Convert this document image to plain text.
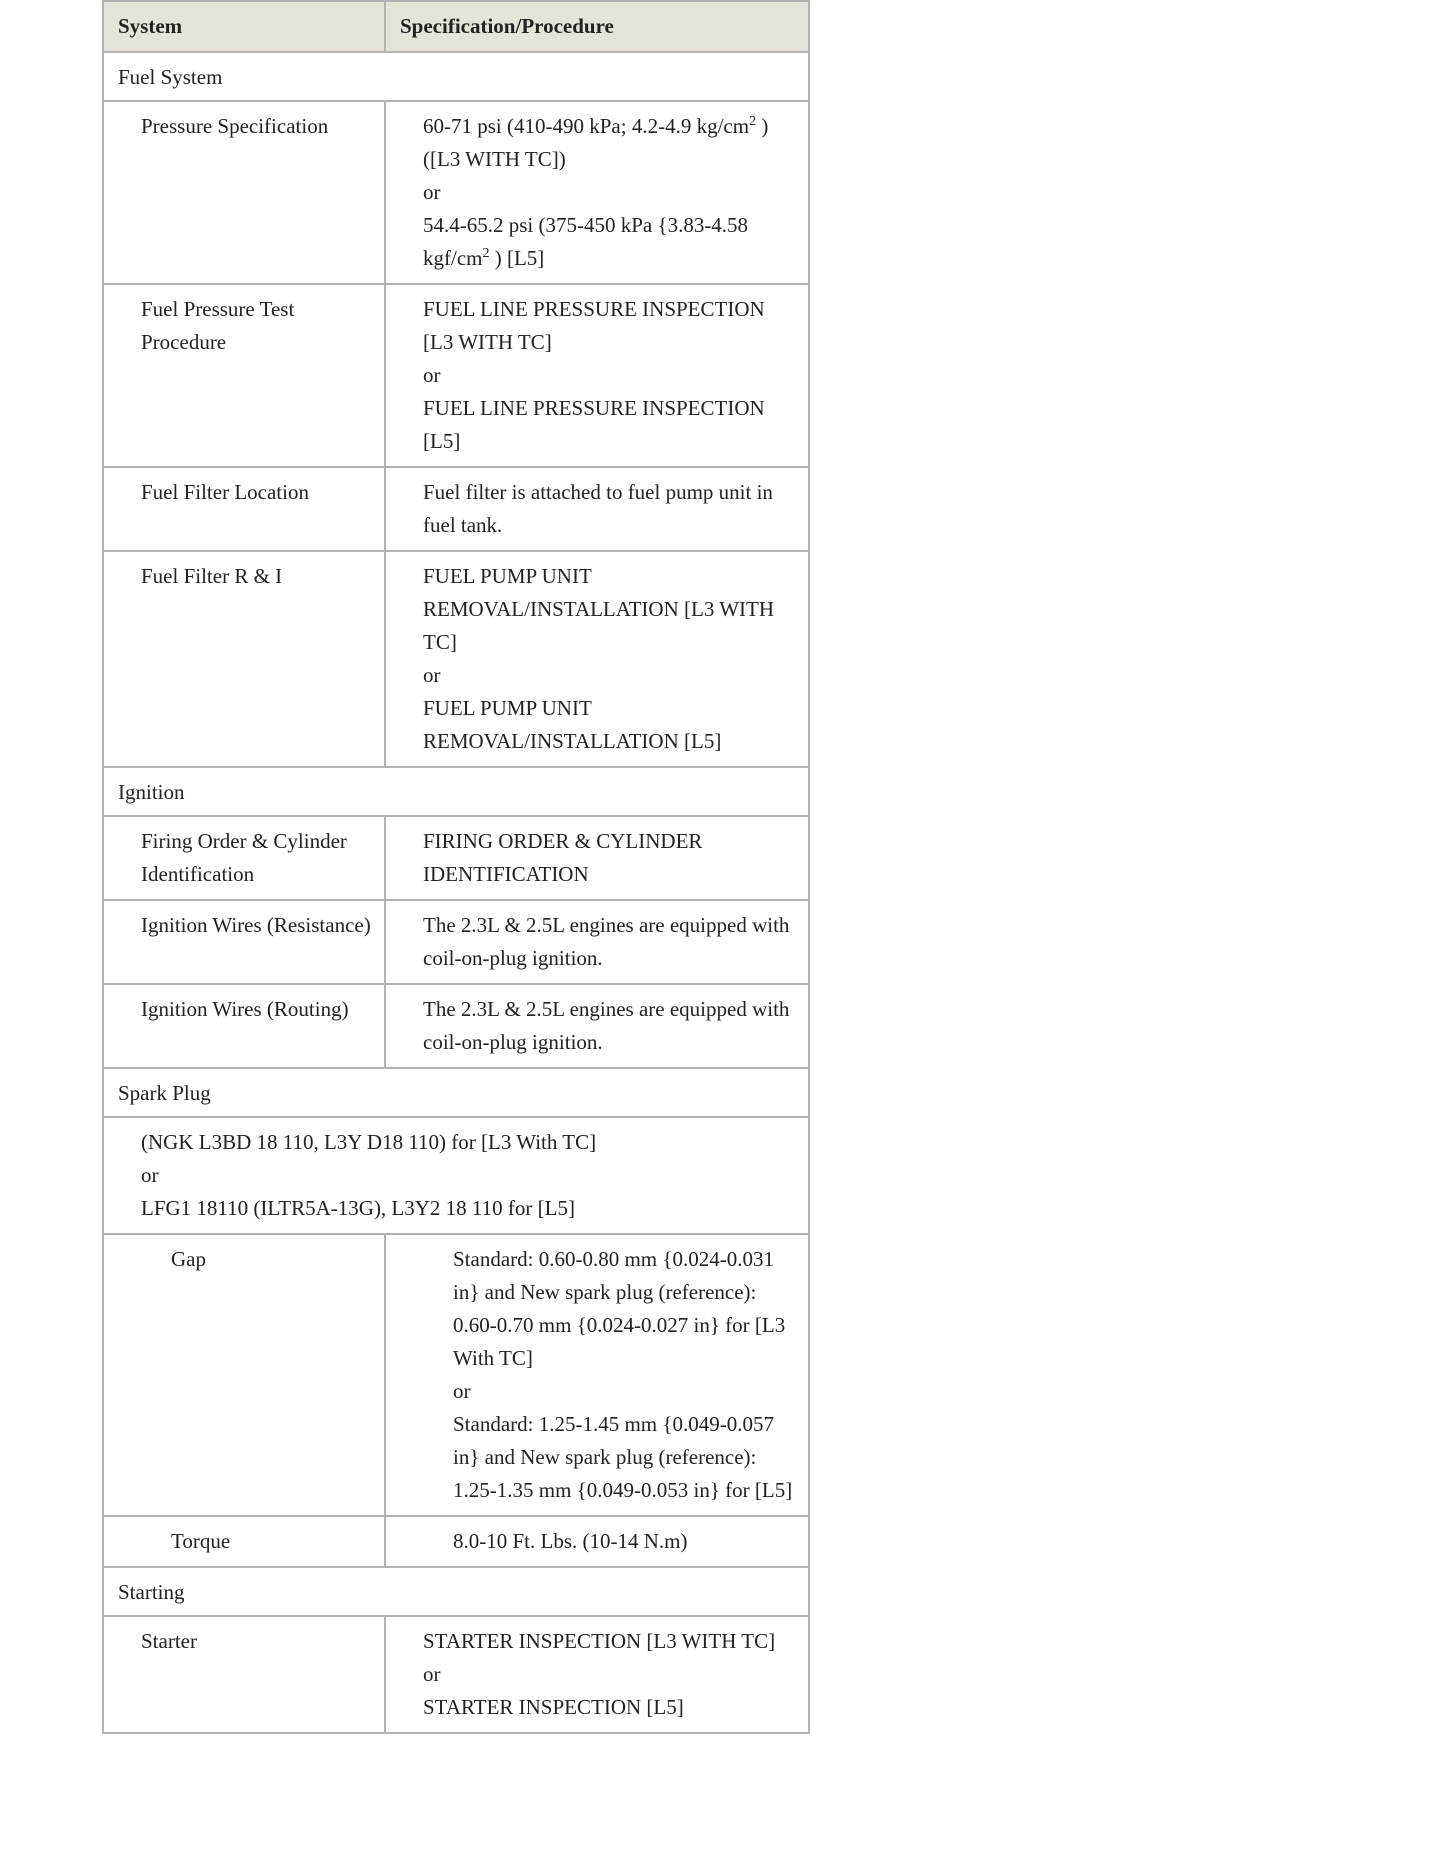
System	Specification/Procedure
Fuel System	
Pressure Specification	60-71 psi (410-490 kPa; 4.2-4.9 $kg/cm^2$ )
([L3 WITH TC])
or
54.4-65.2 psi (375-450 kPa {3.83-4.58
kgf/$cm^2$ ) [L5]

Fuel Pressure Test Procedure	FUEL LINE PRESSURE INSPECTION [L3 WITH TC]
or
FUEL LINE PRESSURE INSPECTION [L5]

Fuel Filter Location	Fuel filter is attached to fuel pump unit in fuel tank.
Fuel Filter R & I	FUEL PUMP UNIT REMOVAL/INSTALLATION [L3 WITH TC]
or
FUEL PUMP UNIT REMOVAL/INSTALLATION [L5]

Ignition	
Firing Order & Cylinder Identification	FIRING ORDER & CYLINDER IDENTIFICATION
Ignition Wires (Resistance)	The 2.3L & 2.5L engines are equipped with coil-on-plug ignition.
Ignition Wires (Routing)	The 2.3L & 2.5L engines are equipped with coil-on-plug ignition.
Spark Plug	

(NGK L3BD 18 110, L3Y D18 110) for [L3 With TC]
or
LFG1 18110 (ILTR5A-13G), L3Y2 18 110 for [L5]	

Gap	Standard: 0.60-0.80 mm {0.024-0.031 in} and New spark plug (reference): 0.60-0.70 mm {0.024-0.027 in} for [L3 With TC]
or
Standard: 1.25-1.45 mm {0.049-0.057 in} and New spark plug (reference): 1.25-1.35 mm {0.049-0.053 in} for [L5]

Torque	8.0-10 Ft. Lbs. (10-14 N.m)
Starting	
Starter	STARTER INSPECTION [L3 WITH TC]
or
STARTER INSPECTION [L5]
